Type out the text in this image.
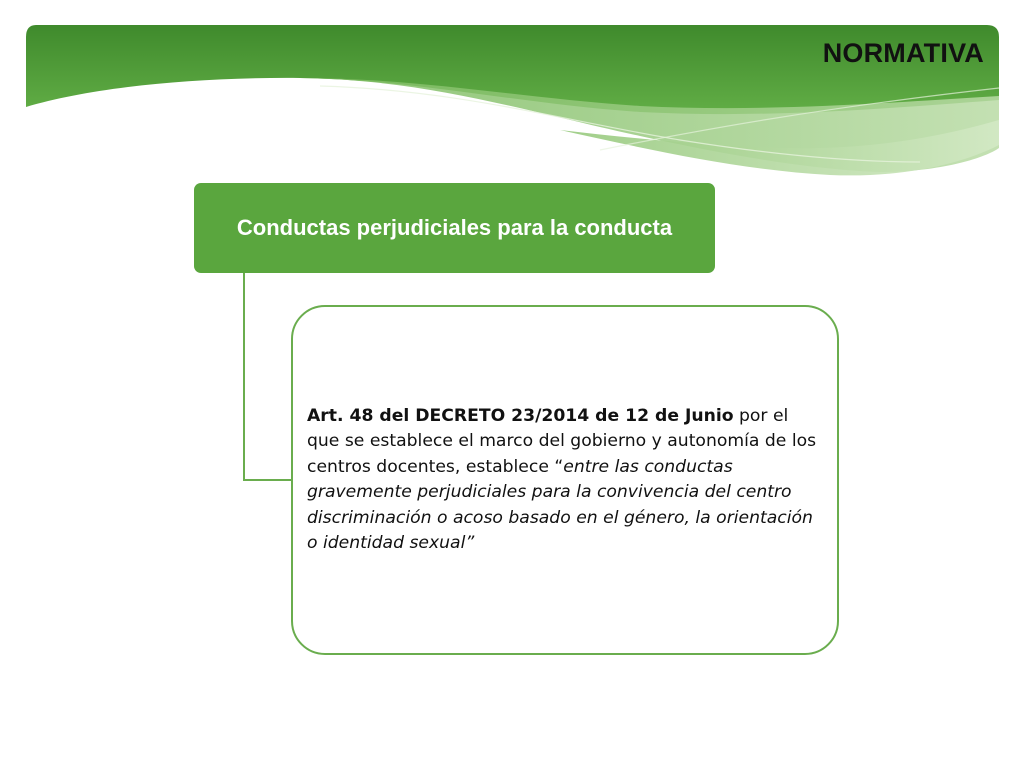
NORMATIVA
Conductas perjudiciales para la conducta

Art. 48 del DECRETO 23/2014 de 12 de Junio por el que se establece el marco del gobierno y autonomía de los centros docentes, establece “entre las conductas gravemente perjudiciales para la convivencia del centro discriminación o acoso basado en el género, la orientación o identidad sexual”
